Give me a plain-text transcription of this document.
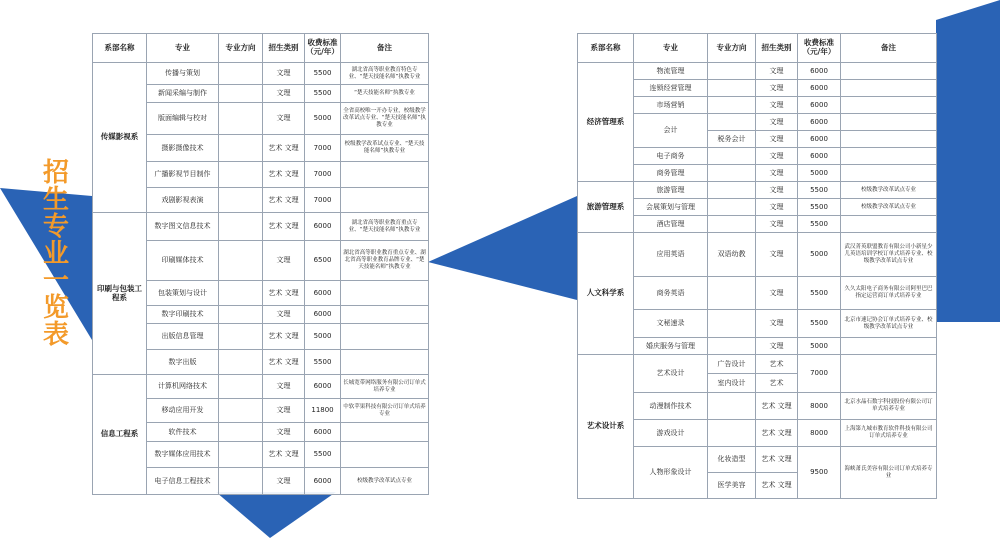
招生专业一览表
系部名称	专业	专业方向	招生类别	收费标准（元/年）	备注
传媒影视系	传播与策划		文理	5500	湖北省高等职业教育特色专业、“楚天技能名师”执教专业
	新闻采编与制作		文理	5500	“楚天技能名师”执教专业
	版面编辑与校对		文理	5000	全省高校唯一开办专业，校级教学改革试点专业、“楚天技能名师”执教专业
	摄影摄像技术		艺术 文理	7000	校级教学改革试点专业、“楚天技能名师”执教专业
	广播影视节目制作		艺术 文理	7000	
	戏剧影视表演		艺术 文理	7000	
印刷与包装工程系	数字图文信息技术		艺术 文理	6000	湖北省高等职业教育重点专业、“楚天技能名师”执教专业
	印刷媒体技术		文理	6500	湖北省高等职业教育重点专业、湖北省高等职业教育品牌专业、“楚天技能名师”执教专业
	包装策划与设计		艺术 文理	6000	
	数字印刷技术		文理	6000	
	出版信息管理		艺术 文理	5000	
	数字出版		艺术 文理	5500	
信息工程系	计算机网络技术		文理	6000	长城宽带网络服务有限公司订单式培养专业
	移动应用开发		文理	11800	中软苹果科技有限公司订单式培养专业
	软件技术		文理	6000	
	数字媒体应用技术		艺术 文理	5500	
	电子信息工程技术		文理	6000	校级教学改革试点专业
系部名称	专业	专业方向	招生类别	收费标准（元/年）	备注
经济管理系	物流管理		文理	6000	
	连锁经营管理		文理	6000	
	市场营销		文理	6000	
	会计		文理	6000	
		税务会计	文理	6000	
	电子商务		文理	6000	
	商务管理		文理	5000	
旅游管理系	旅游管理		文理	5500	校级教学改革试点专业
	会展策划与管理		文理	5500	校级教学改革试点专业
	酒店管理		文理	5500	
人文科学系	应用英语	双语幼教	文理	5000	武汉菁英联盟教育有限公司小新星少儿英语培训学校订单式培养专业、校级教学改革试点专业
	商务英语		文理	5500	久久太阳电子商务有限公司阿里巴巴指定运营商订单式培养专业
	文秘速录		文理	5500	北京市速记协会订单式培养专业、校级教学改革试点专业
	婚庆服务与管理		文理	5000	
艺术设计系	艺术设计	广告设计	艺术	7000	
		室内设计	艺术		
	动漫制作技术		艺术 文理	8000	北京水晶石数字科技股份有限公司订单式培养专业
	游戏设计		艺术 文理	8000	上海第九城市教育软件科技有限公司订单式培养专业
	人物形象设计	化妆造型	艺术 文理	9500	海峡萧氏美容有限公司订单式培养专业
		医学美容	艺术 文理		
